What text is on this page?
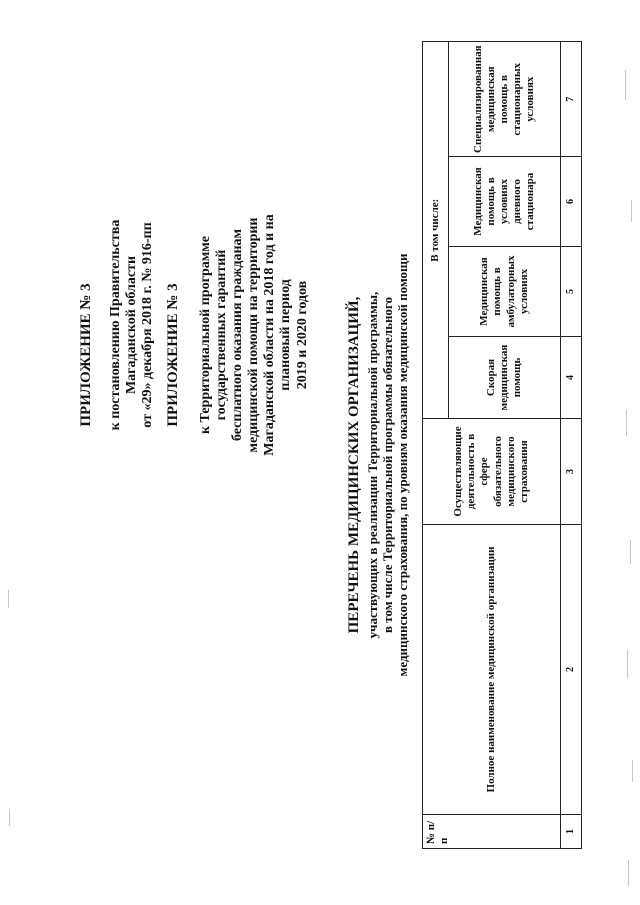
ПРИЛОЖЕНИЕ № 3 к постановлению Правительства Магаданской области от «29» декабря 2018 г. № 916-пп ПРИЛОЖЕНИЕ № 3 к Территориальной программе государственных гарантий бесплатного оказания гражданам медицинской помощи на территории Магаданской области на 2018 год и на плановый период 2019 и 2020 годов ПЕРЕЧЕНЬ МЕДИЦИНСКИХ ОРГАНИЗАЦИЙ, участвующих в реализации Территориальной программы, в том числе Территориальной программы обязательного медицинского страхования, по уровням оказания медицинской помощи
№ п/п	Полное наименование медицинской организации	Осуществляющие деятельность в сфере обязательного медицинского страхования	В том числе:			
			Скорая медицинская помощь	Медицинская помощь в амбулаторных условиях	Медицинская помощь в условиях дневного стационара	Специализированная медицинская помощь в стационарных условиях
1	2	3	4	5	6	7
